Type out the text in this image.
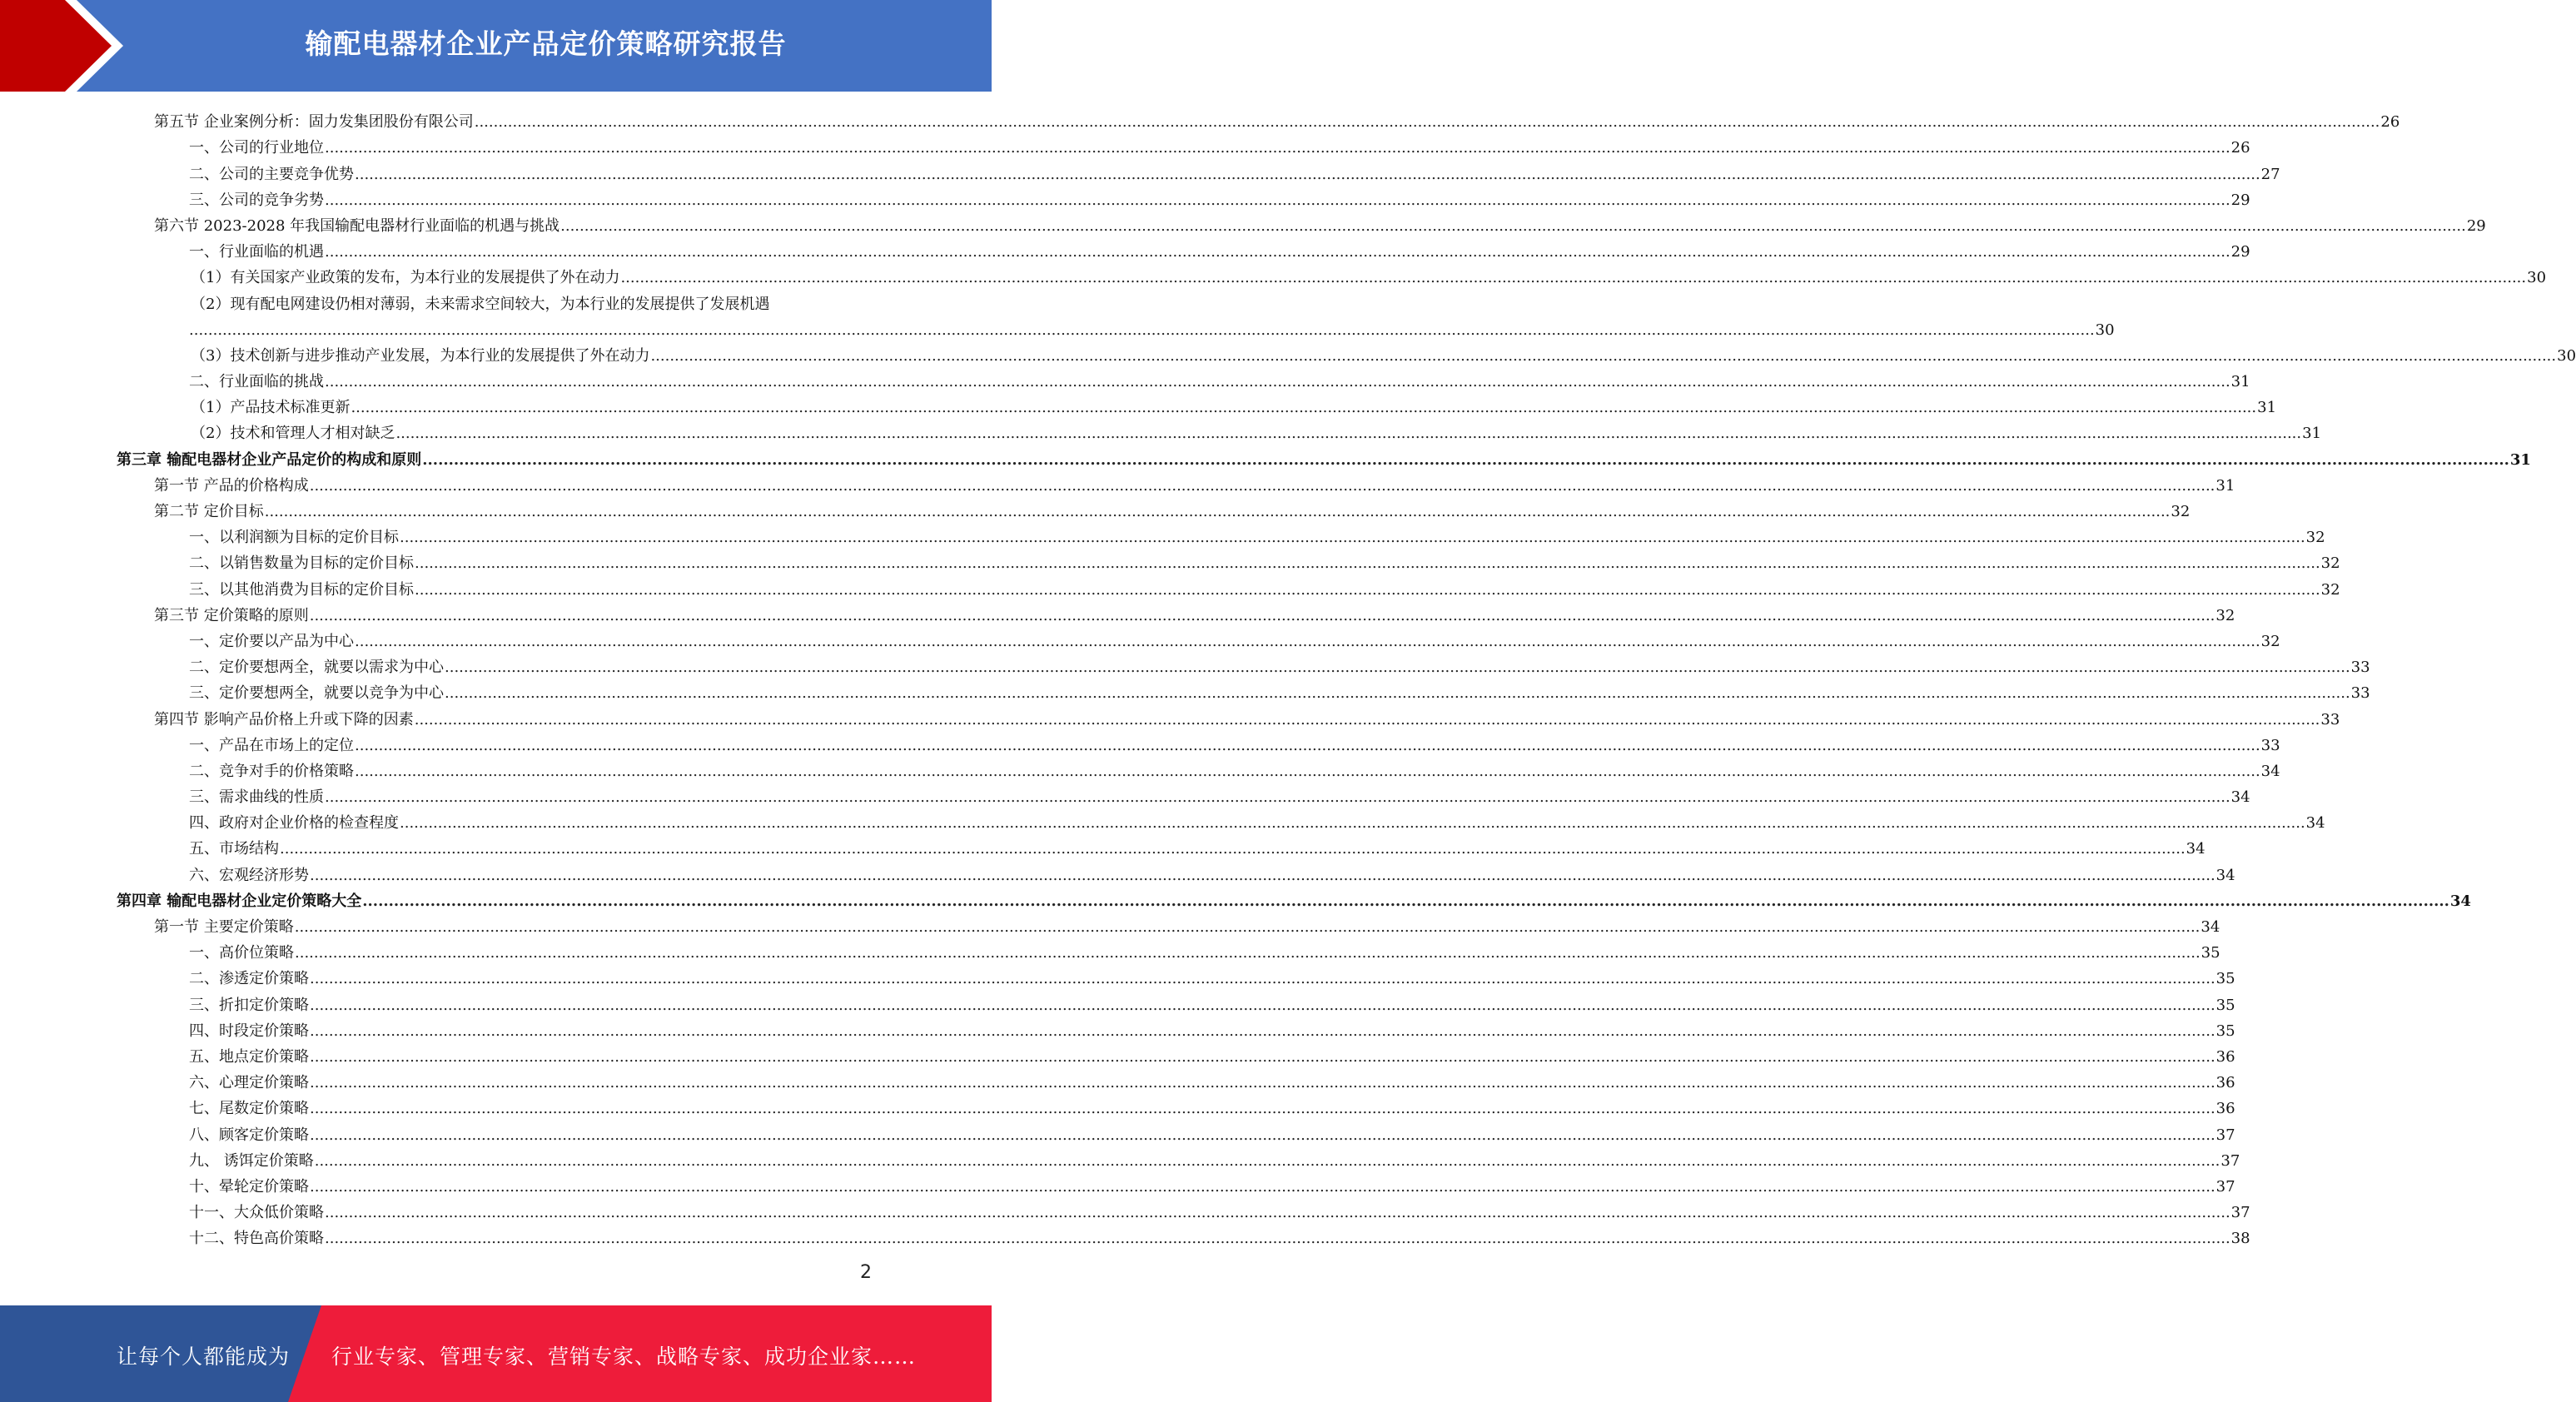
输配电器材企业产品定价策略研究报告
第五节 企业案例分析：固力发集团股份有限公司 ................................................................................................................................................................................................................................................................................................................................................................................................................ 26
一、公司的行业地位 ................................................................................................................................................................................................................................................................................................................................................................................................................ 26
二、公司的主要竞争优势 ................................................................................................................................................................................................................................................................................................................................................................................................................ 27
三、公司的竞争劣势 ................................................................................................................................................................................................................................................................................................................................................................................................................ 29
第六节 2023-2028 年我国输配电器材行业面临的机遇与挑战 ................................................................................................................................................................................................................................................................................................................................................................................................................ 29
一、行业面临的机遇 ................................................................................................................................................................................................................................................................................................................................................................................................................ 29
（1）有关国家产业政策的发布，为本行业的发展提供了外在动力 ................................................................................................................................................................................................................................................................................................................................................................................................................ 30
（2）现有配电网建设仍相对薄弱，未来需求空间较大，为本行业的发展提供了发展机遇
................................................................................................................................................................................................................................................................................................................................................................................................................ 30
（3）技术创新与进步推动产业发展，为本行业的发展提供了外在动力 ................................................................................................................................................................................................................................................................................................................................................................................................................ 30
二、行业面临的挑战 ................................................................................................................................................................................................................................................................................................................................................................................................................ 31
（1）产品技术标准更新 ................................................................................................................................................................................................................................................................................................................................................................................................................ 31
（2）技术和管理人才相对缺乏 ................................................................................................................................................................................................................................................................................................................................................................................................................ 31
第三章 输配电器材企业产品定价的构成和原则 ................................................................................................................................................................................................................................................................................................................................................................................................................ 31
第一节 产品的价格构成 ................................................................................................................................................................................................................................................................................................................................................................................................................ 31
第二节 定价目标 ................................................................................................................................................................................................................................................................................................................................................................................................................ 32
一、以利润额为目标的定价目标 ................................................................................................................................................................................................................................................................................................................................................................................................................ 32
二、以销售数量为目标的定价目标 ................................................................................................................................................................................................................................................................................................................................................................................................................ 32
三、以其他消费为目标的定价目标 ................................................................................................................................................................................................................................................................................................................................................................................................................ 32
第三节 定价策略的原则 ................................................................................................................................................................................................................................................................................................................................................................................................................ 32
一、定价要以产品为中心 ................................................................................................................................................................................................................................................................................................................................................................................................................ 32
二、定价要想两全，就要以需求为中心 ................................................................................................................................................................................................................................................................................................................................................................................................................ 33
三、定价要想两全，就要以竞争为中心 ................................................................................................................................................................................................................................................................................................................................................................................................................ 33
第四节 影响产品价格上升或下降的因素 ................................................................................................................................................................................................................................................................................................................................................................................................................ 33
一、产品在市场上的定位 ................................................................................................................................................................................................................................................................................................................................................................................................................ 33
二、竞争对手的价格策略 ................................................................................................................................................................................................................................................................................................................................................................................................................ 34
三、需求曲线的性质 ................................................................................................................................................................................................................................................................................................................................................................................................................ 34
四、政府对企业价格的检查程度 ................................................................................................................................................................................................................................................................................................................................................................................................................ 34
五、市场结构 ................................................................................................................................................................................................................................................................................................................................................................................................................ 34
六、宏观经济形势 ................................................................................................................................................................................................................................................................................................................................................................................................................ 34
第四章 输配电器材企业定价策略大全 ................................................................................................................................................................................................................................................................................................................................................................................................................ 34
第一节 主要定价策略 ................................................................................................................................................................................................................................................................................................................................................................................................................ 34
一、高价位策略 ................................................................................................................................................................................................................................................................................................................................................................................................................ 35
二、渗透定价策略 ................................................................................................................................................................................................................................................................................................................................................................................................................ 35
三、折扣定价策略 ................................................................................................................................................................................................................................................................................................................................................................................................................ 35
四、时段定价策略 ................................................................................................................................................................................................................................................................................................................................................................................................................ 35
五、地点定价策略 ................................................................................................................................................................................................................................................................................................................................................................................................................ 36
六、心理定价策略 ................................................................................................................................................................................................................................................................................................................................................................................................................ 36
七、尾数定价策略 ................................................................................................................................................................................................................................................................................................................................................................................................................ 36
八、顾客定价策略 ................................................................................................................................................................................................................................................................................................................................................................................................................ 37
九、 诱饵定价策略 ................................................................................................................................................................................................................................................................................................................................................................................................................ 37
十、晕轮定价策略 ................................................................................................................................................................................................................................................................................................................................................................................................................ 37
十一、大众低价策略 ................................................................................................................................................................................................................................................................................................................................................................................................................ 37
十二、特色高价策略 ................................................................................................................................................................................................................................................................................................................................................................................................................ 38
2
让每个人都能成为 行业专家、管理专家、营销专家、战略专家、成功企业家……
